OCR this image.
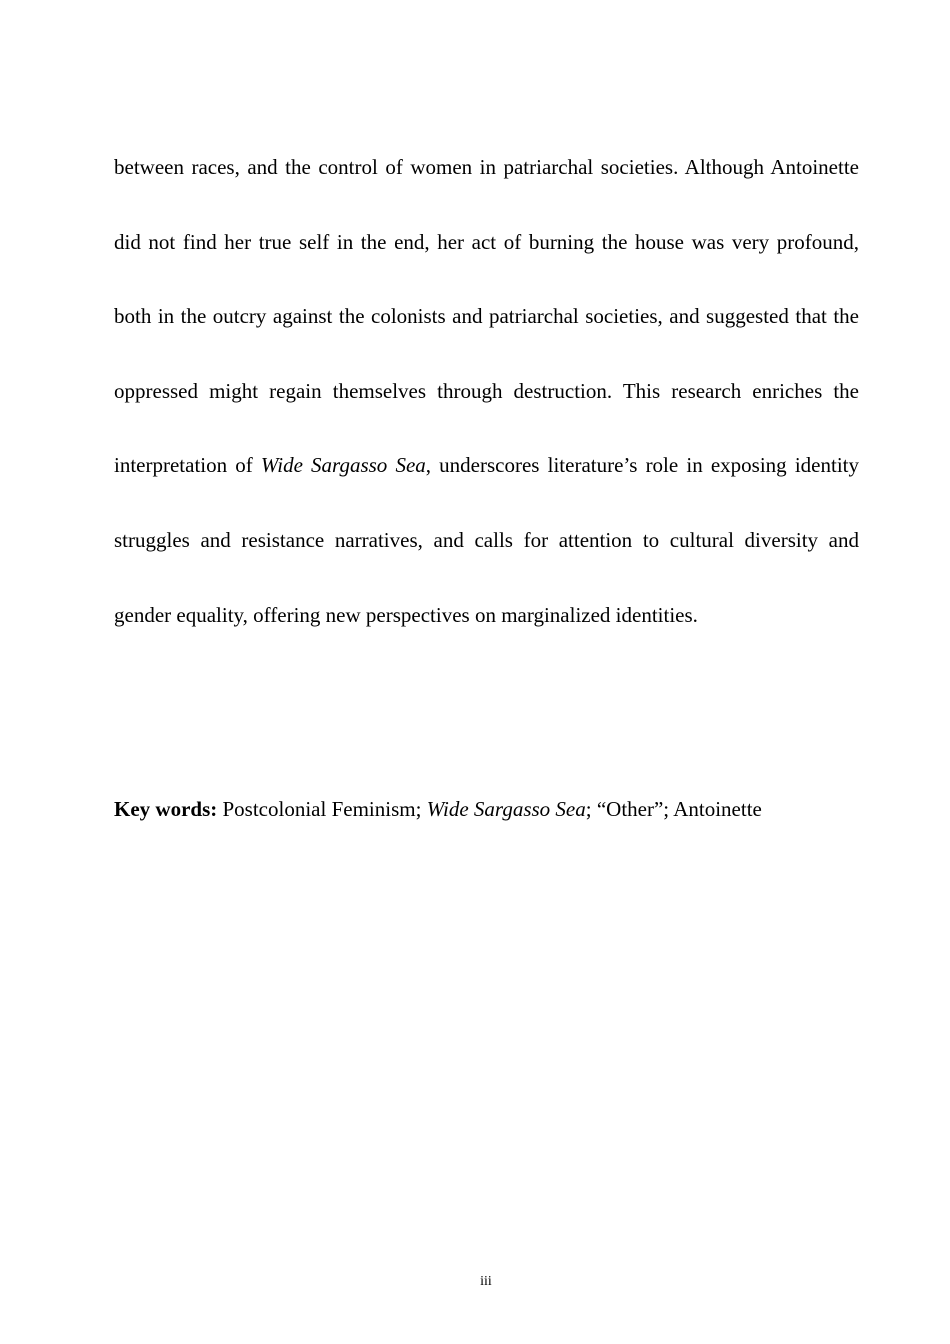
between races, and the control of women in patriarchal societies. Although Antoinette did not find her true self in the end, her act of burning the house was very profound, both in the outcry against the colonists and patriarchal societies, and suggested that the oppressed might regain themselves through destruction. This research enriches the interpretation of Wide Sargasso Sea, underscores literature’s role in exposing identity struggles and resistance narratives, and calls for attention to cultural diversity and gender equality, offering new perspectives on marginalized identities.

Key words: Postcolonial Feminism; Wide Sargasso Sea; “Other”; Antoinette

iii
